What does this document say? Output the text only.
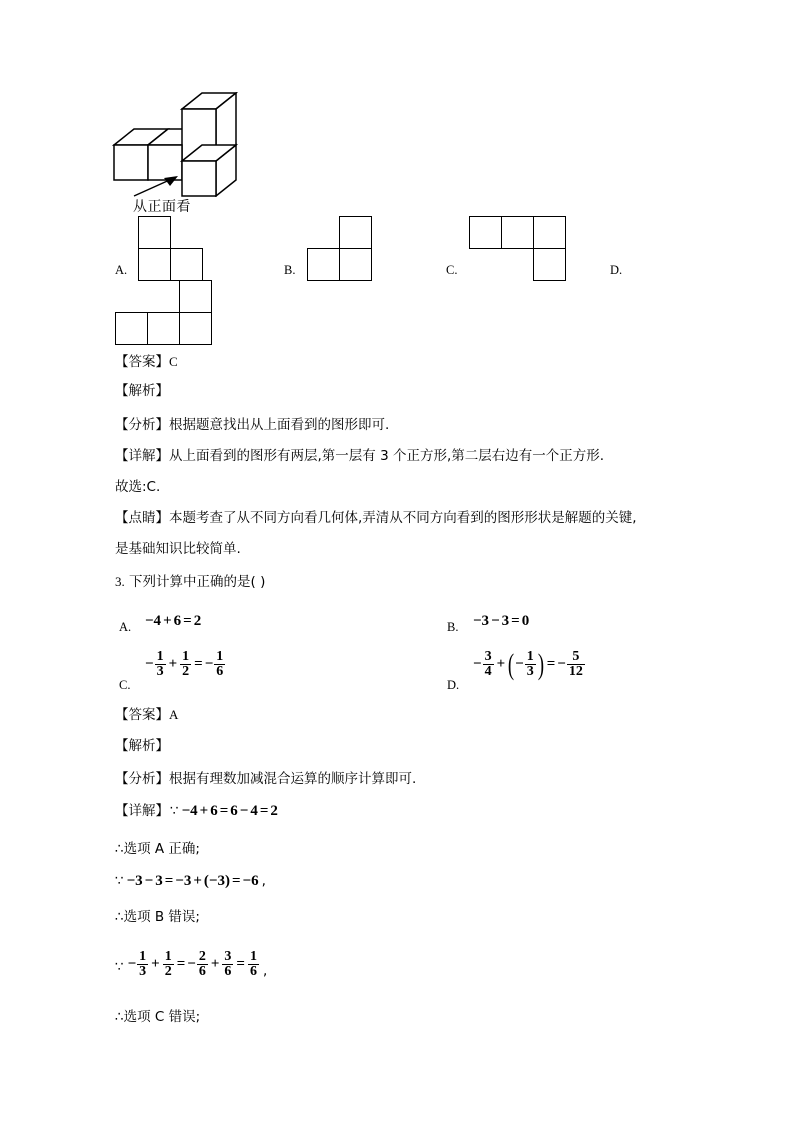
从正面看
A.	B.	C.	D.
【答案】C
【解析】
【分析】根据题意找出从上面看到的图形即可.
【详解】从上面看到的图形有两层,第一层有 3 个正方形,第二层右边有一个正方形.
故选:C.
【点睛】本题考查了从不同方向看几何体,弄清从不同方向看到的图形形状是解题的关键,
是基础知识比较简单.
3. 下列计算中正确的是( )
A. −4 + 6 = 2	B. −3 − 3 = 0
C.
− $\frac{1}{3} + \frac{1}{2}$ = − $\frac{1}{6}$
D.
− $\frac{3}{4}$ + ( − $\frac{1}{3}$ ) = − $\frac{5}{12}$
【答案】A
【解析】
【分析】根据有理数加减混合运算的顺序计算即可.
【详解】 ∵ −4 + 6 = 6 − 4 = 2
∴选项 A 正确;
∵ −3 − 3 = −3 + ( −3 ) = −6 ,
∴选项 B 错误;
∵ − $\frac{1}{3} + \frac{1}{2}$ = − $\frac{2}{6} + \frac{3}{6} = \frac{1}{6}$ ,
∴选项 C 错误;
